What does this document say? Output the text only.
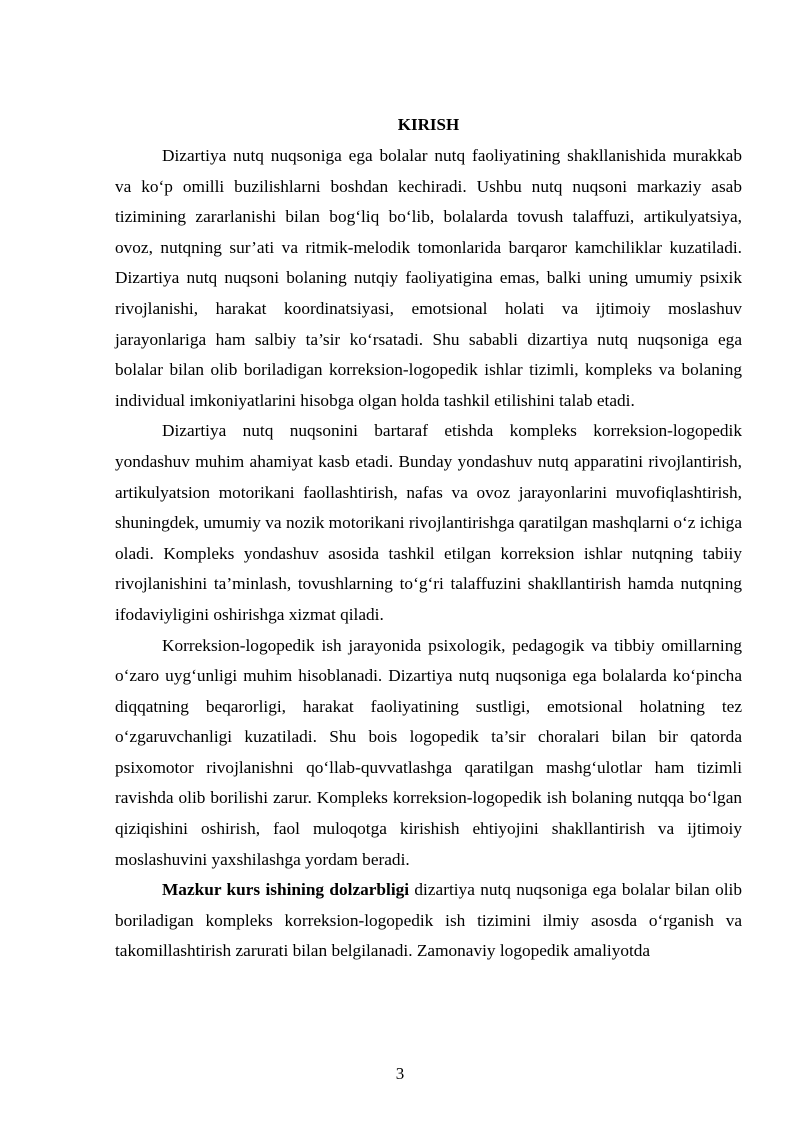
KIRISH

Dizartiya nutq nuqsoniga ega bolalar nutq faoliyatining shakllanishida murakkab va ko‘p omilli buzilishlarni boshdan kechiradi. Ushbu nutq nuqsoni markaziy asab tizimining zararlanishi bilan bog‘liq bo‘lib, bolalarda tovush talaffuzi, artikulyatsiya, ovoz, nutqning sur’ati va ritmik-melodik tomonlarida barqaror kamchiliklar kuzatiladi. Dizartiya nutq nuqsoni bolaning nutqiy faoliyatigina emas, balki uning umumiy psixik rivojlanishi, harakat koordinatsiyasi, emotsional holati va ijtimoiy moslashuv jarayonlariga ham salbiy ta’sir ko‘rsatadi. Shu sababli dizartiya nutq nuqsoniga ega bolalar bilan olib boriladigan korreksion-logopedik ishlar tizimli, kompleks va bolaning individual imkoniyatlarini hisobga olgan holda tashkil etilishini talab etadi.

Dizartiya nutq nuqsonini bartaraf etishda kompleks korreksion-logopedik yondashuv muhim ahamiyat kasb etadi. Bunday yondashuv nutq apparatini rivojlantirish, artikulyatsion motorikani faollashtirish, nafas va ovoz jarayonlarini muvofiqlashtirish, shuningdek, umumiy va nozik motorikani rivojlantirishga qaratilgan mashqlarni o‘z ichiga oladi. Kompleks yondashuv asosida tashkil etilgan korreksion ishlar nutqning tabiiy rivojlanishini ta’minlash, tovushlarning to‘g‘ri talaffuzini shakllantirish hamda nutqning ifodaviyligini oshirishga xizmat qiladi.

Korreksion-logopedik ish jarayonida psixologik, pedagogik va tibbiy omillarning o‘zaro uyg‘unligi muhim hisoblanadi. Dizartiya nutq nuqsoniga ega bolalarda ko‘pincha diqqatning beqarorligi, harakat faoliyatining sustligi, emotsional holatning tez o‘zgaruvchanligi kuzatiladi. Shu bois logopedik ta’sir choralari bilan bir qatorda psixomotor rivojlanishni qo‘llab-quvvatlashga qaratilgan mashg‘ulotlar ham tizimli ravishda olib borilishi zarur. Kompleks korreksion-logopedik ish bolaning nutqqa bo‘lgan qiziqishini oshirish, faol muloqotga kirishish ehtiyojini shakllantirish va ijtimoiy moslashuvini yaxshilashga yordam beradi.

Mazkur kurs ishining dolzarbligi dizartiya nutq nuqsoniga ega bolalar bilan olib boriladigan kompleks korreksion-logopedik ish tizimini ilmiy asosda o‘rganish va takomillashtirish zarurati bilan belgilanadi. Zamonaviy logopedik amaliyotda

3
